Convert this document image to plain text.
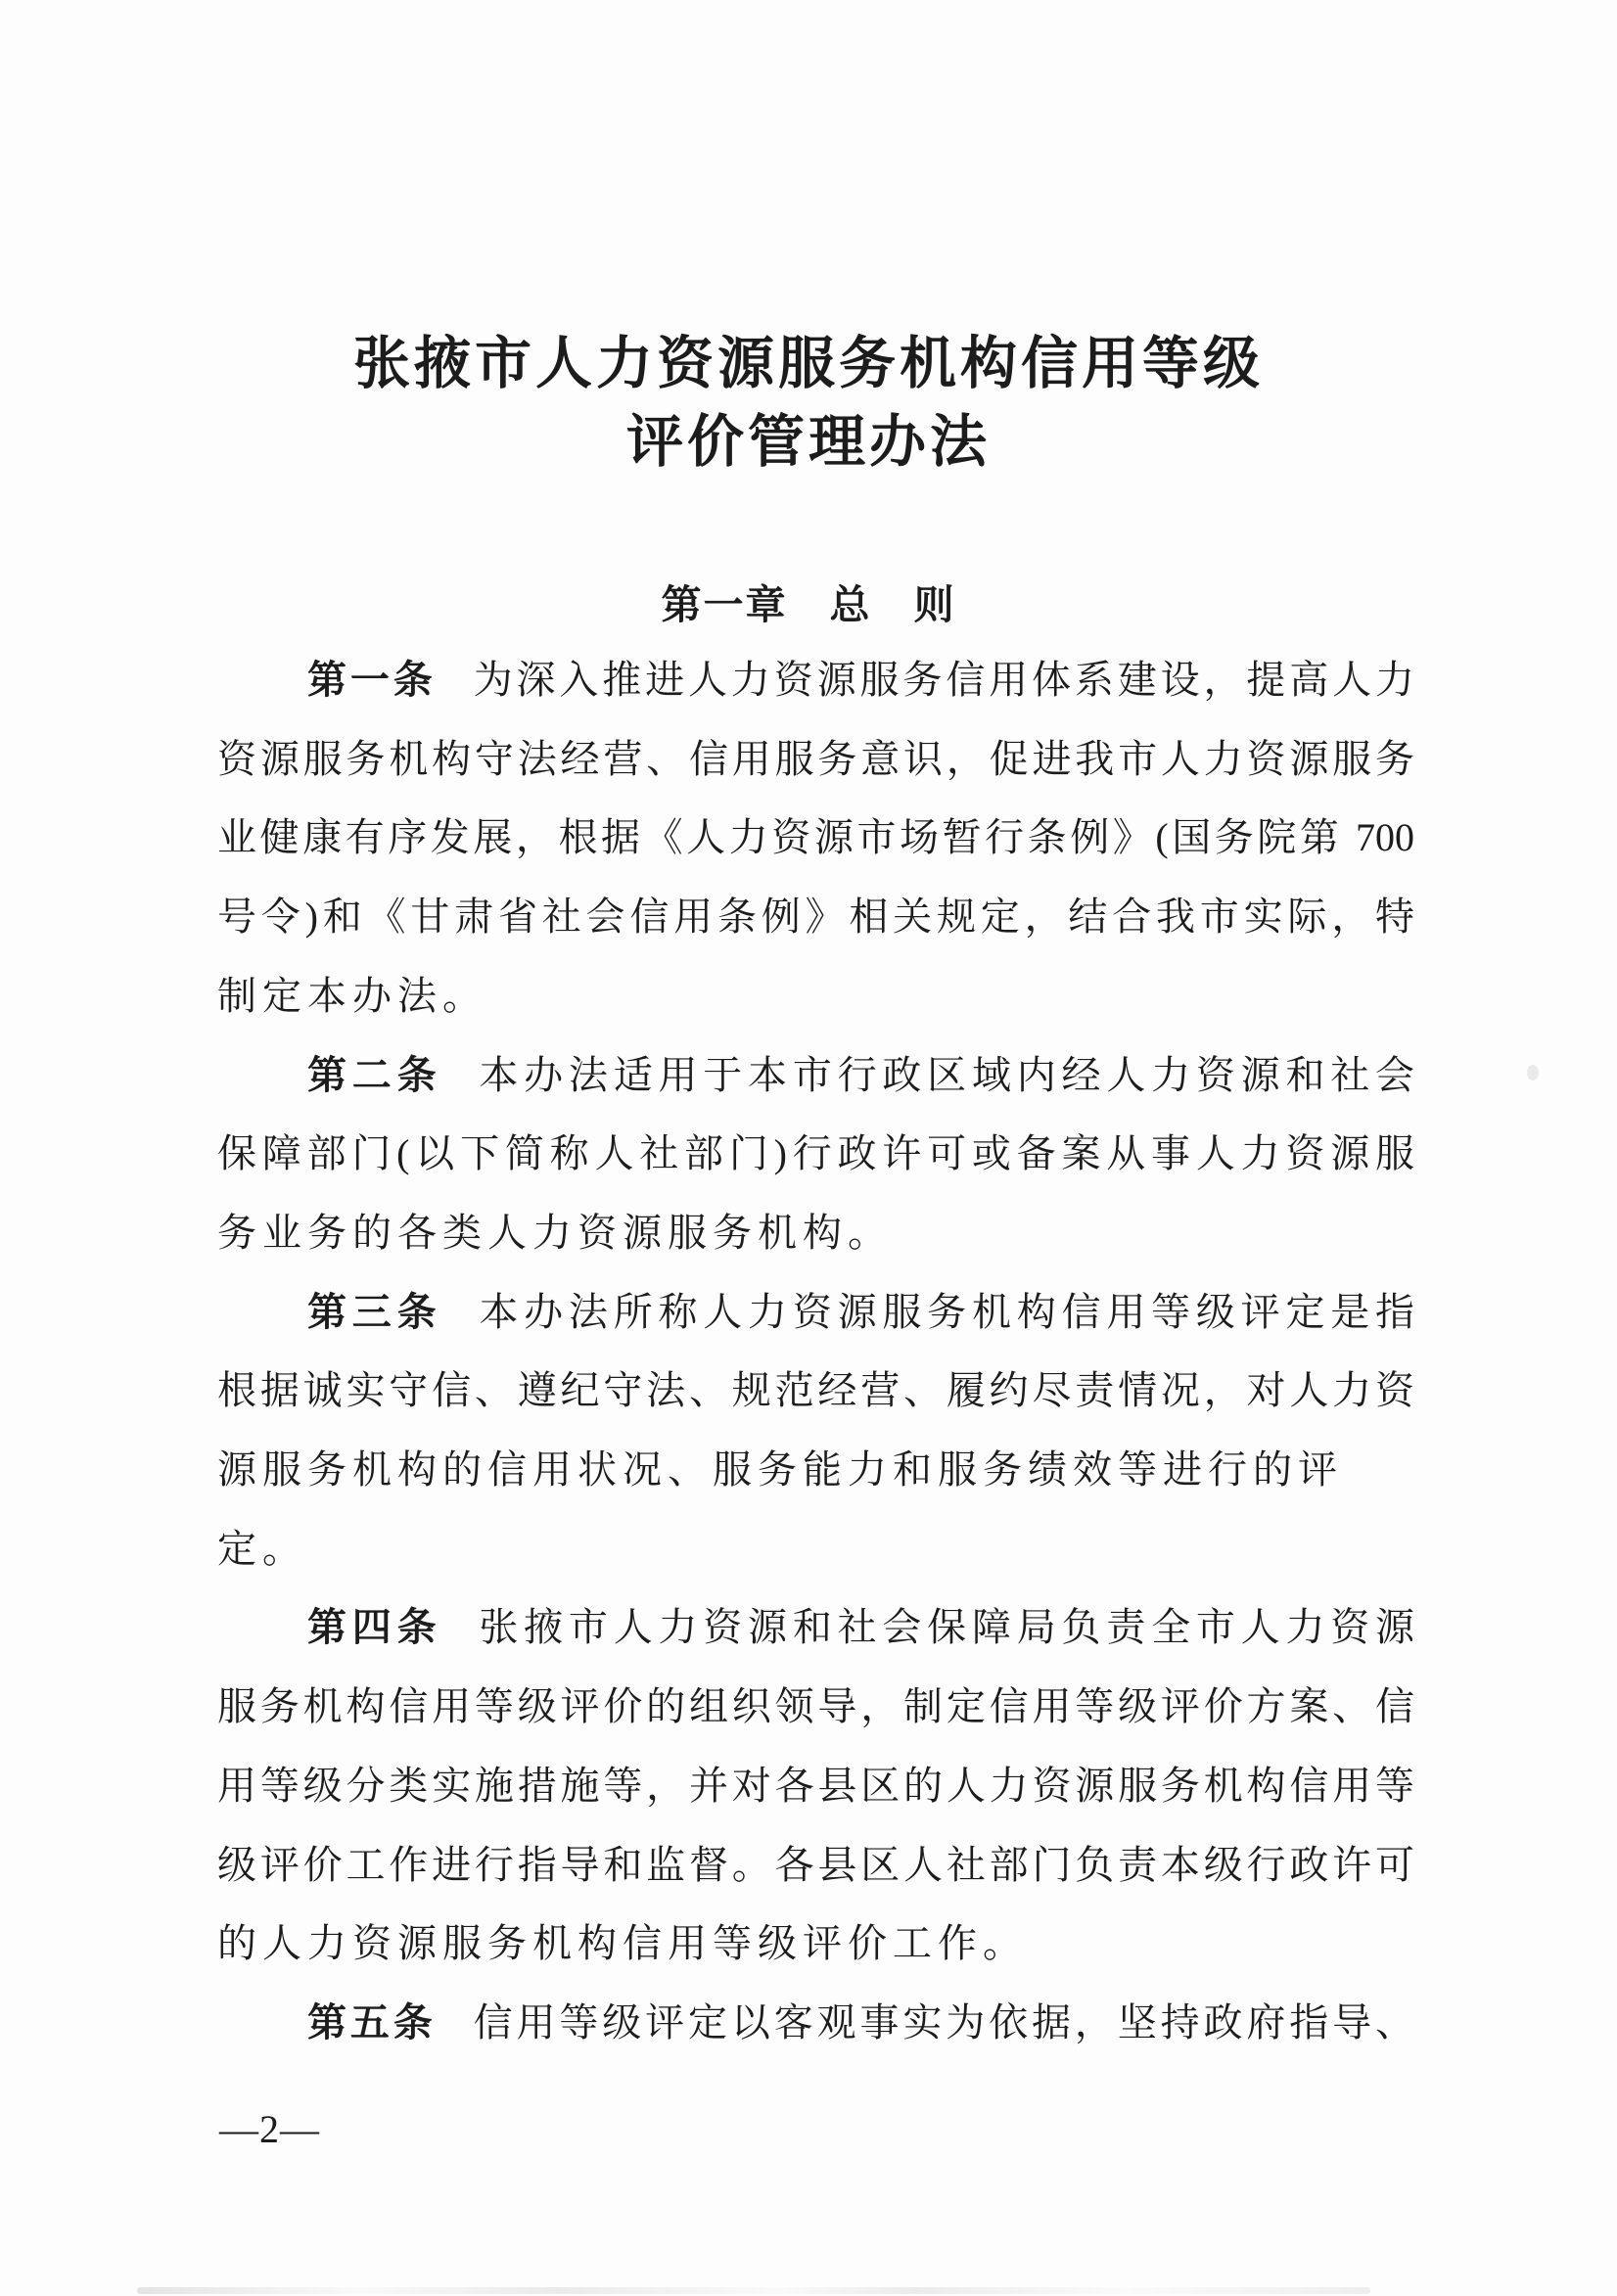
张掖市人力资源服务机构信用等级
评价管理办法
第一章　总　则
第一条 为深入推进人力资源服务信用体系建设，提高人力
资源服务机构守法经营、信用服务意识，促进我市人力资源服务
业健康有序发展，根据《人力资源市场暂行条例》(国务院第 700
号令)和《甘肃省社会信用条例》相关规定，结合我市实际，特
制定本办法。
第二条 本办法适用于本市行政区域内经人力资源和社会
保障部门(以下简称人社部门)行政许可或备案从事人力资源服
务业务的各类人力资源服务机构。
第三条 本办法所称人力资源服务机构信用等级评定是指
根据诚实守信、遵纪守法、规范经营、履约尽责情况，对人力资
源服务机构的信用状况、服务能力和服务绩效等进行的评定。
第四条 张掖市人力资源和社会保障局负责全市人力资源
服务机构信用等级评价的组织领导，制定信用等级评价方案、信
用等级分类实施措施等，并对各县区的人力资源服务机构信用等
级评价工作进行指导和监督。各县区人社部门负责本级行政许可
的人力资源服务机构信用等级评价工作。
第五条 信用等级评定以客观事实为依据，坚持政府指导、
—2—
